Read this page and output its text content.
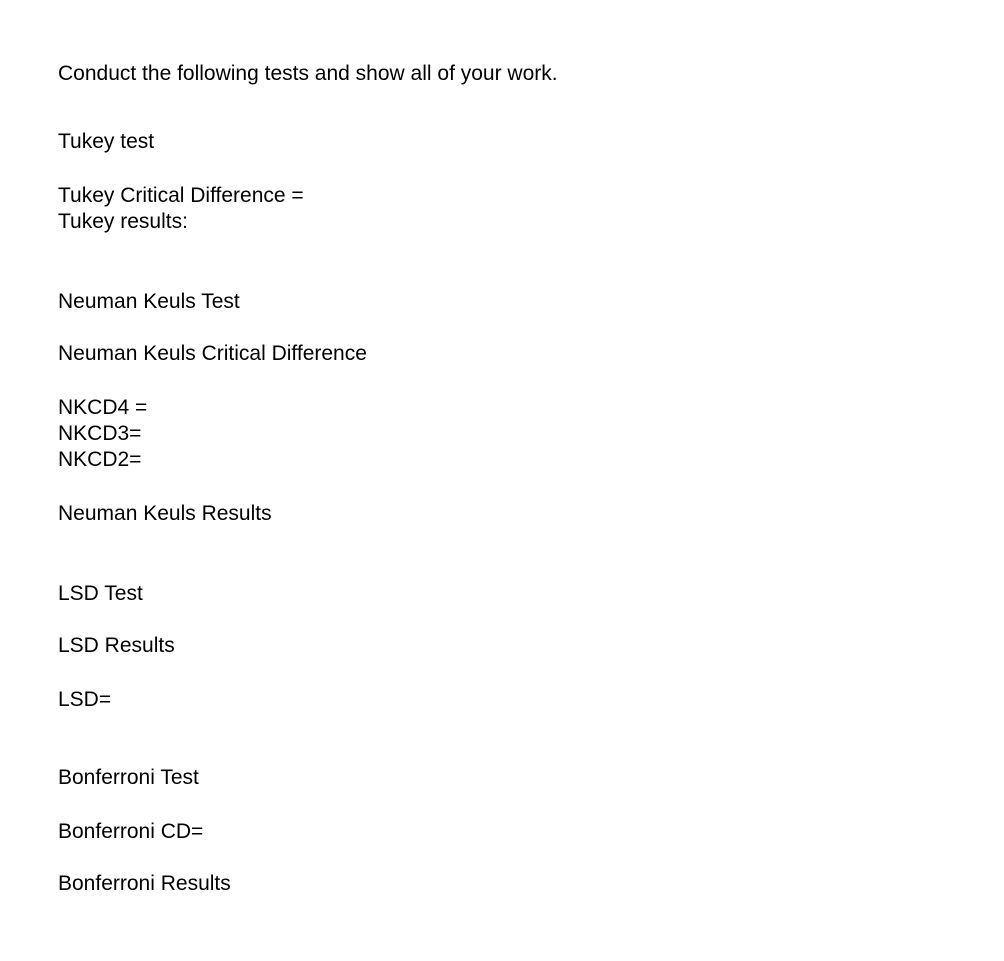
Conduct the following tests and show all of your work.

Tukey test

Tukey Critical Difference =

Tukey results:

Neuman Keuls Test

Neuman Keuls Critical Difference

NKCD4 =

NKCD3=

NKCD2=

Neuman Keuls Results

LSD Test

LSD Results

LSD=

Bonferroni Test

Bonferroni CD=

Bonferroni Results
